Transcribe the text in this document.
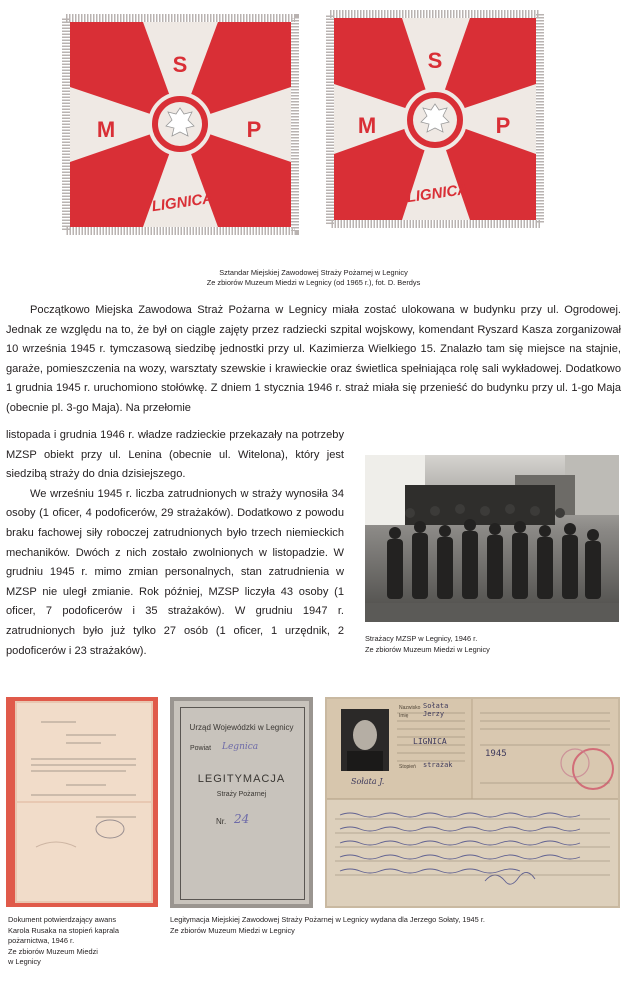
S
M	P
LIGNICA
S
M	P
LIGNICA
Sztandar Miejskiej Zawodowej Straży Pożarnej w Legnicy
Ze zbiorów Muzeum Miedzi w Legnicy (od 1965 r.), fot. D. Berdys

Początkowo Miejska Zawodowa Straż Pożarna w Legnicy miała zostać ulokowana w budynku przy ul. Ogrodowej. Jednak ze względu na to, że był on ciągle zajęty przez radziecki szpital wojskowy, komendant Ryszard Kasza zorganizował 10 września 1945 r. tymczasową siedzibę jednostki przy ul. Kazimierza Wielkiego 15. Znalazło tam się miejsce na stajnie, garaże, pomieszczenia na wozy, warsztaty szewskie i krawieckie oraz świetlica spełniająca rolę sali wykładowej. Dodatkowo 1 grudnia 1945 r. uruchomiono stołówkę. Z dniem 1 stycznia 1946 r. straż miała się przenieść do budynku przy ul. 1-go Maja (obecnie pl. 3-go Maja). Na przełomie

listopada i grudnia 1946 r. władze radzieckie przekazały na potrzeby MZSP obiekt przy ul. Lenina (obecnie ul. Witelona), który jest siedzibą straży do dnia dzisiejszego.

We wrześniu 1945 r. liczba zatrudnionych w straży wynosiła 34 osoby (1 oficer, 4 podoficerów, 29 strażaków). Dodatkowo z powodu braku fachowej siły roboczej zatrudnionych było trzech niemieckich mechaników. Dwóch z nich zostało zwolnionych w listopadzie. W grudniu 1945 r. mimo zmian personalnych, stan zatrudnienia w MZSP nie uległ zmianie. Rok później, MZSP liczyła 43 osoby (1 oficer, 7 podoficerów i 35 strażaków). W grudniu 1947 r. zatrudnionych było już tylko 27 osób (1 oficer, 1 urzędnik, 2 podoficerów i 23 strażaków).

Strażacy MZSP w Legnicy, 1946 r.
Ze zbiorów Muzeum Miedzi w Legnicy
Dokument potwierdzający awans
Karola Rusaka na stopień kaprala
pożarnictwa, 1946 r.
Ze zbiorów Muzeum Miedzi
w Legnicy
Urząd Wojewódzki w Legnicy
Powiat Legnica
LEGITYMACJA
Straży Pożarnej
Nr. 24
Nazwisko Sołata
Imię Jerzy
Stopień strażak
LIGNICA
1945
Sołata J.
Legitymacja Miejskiej Zawodowej Straży Pożarnej w Legnicy wydana dla Jerzego Sołaty, 1945 r.
Ze zbiorów Muzeum Miedzi w Legnicy
